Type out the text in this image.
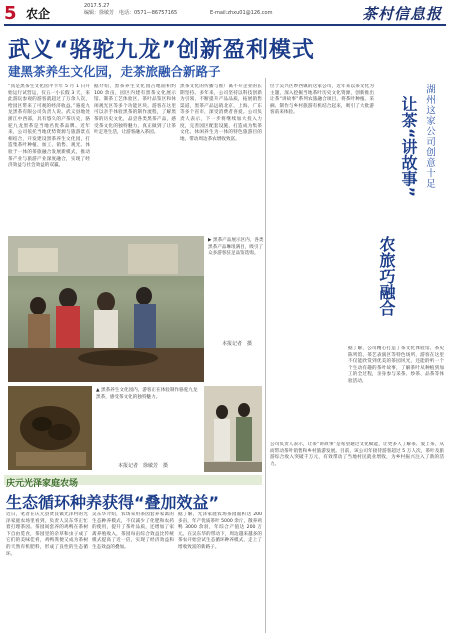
5 农企
2017.5.27
编辑：徐敏芳　电话：0571—86757165	E-mail:zhxu01@126.com	茶村信息报
武义“骆驼九龙”创新盈利模式
建黑茶养生文化园，走茶旅融合新路子
“真是黑茶生文化园平卡年 5 月 1 日开始运行试营运，仅五一小长假 3 天，来此游玩参观的游客就超过了万余人次，给园区带来了可观的经济收益。”骆驼九龙黑茶有限公司负责人说。武义县地处浙江中西部，具有悠久的产茶历史，骆驼九龙黑茶是当地名优茶品牌。近年来，公司依托当地优势资源与旅游景点相结合，开发建设黑茶养生文化园，打造集茶叶种植、加工、销售、观光、体验于一体的茶旅融合发展新模式，推动茶产业与旅游产业深度融合，实现了经济效益与社会效益的双赢。
据介绍，黑茶养生文化园占地面积约 100 余亩，园区内建有黑茶文化展示馆、制茶工艺体验区、茶叶品鉴区和休闲观光区等多个功能区块。游客在这里可以亲手体验黑茶的制作流程，了解黑茶的历史文化，品尝各类黑茶产品，感受茶文化的独特魅力，真正做到了让茶叶走进生活，让游客融入茶园。
黑茶文化的传播与推广离不开企业的长期坚持。多年来，公司坚持以科技创新为引领，不断提升产品品质，拓展销售渠道，黑茶产品远销北京、上海、广东等多个省市，深受消费者喜爱。公司负责人表示，下一步将继续加大投入力度，完善园区配套设施，打造成为集茶文化、休闲养生为一体的特色旅游目的地，带动周边茶农增收致富。
▶ 黑茶产品展示区内，各类黑茶产品琳琅满目，吸引了众多游客驻足品鉴选购。
本报记者　摄
▲ 黑茶养生文化园内，游客正在体验制作骆驼九龙黑茶，感受茶文化的独特魅力。
本报记者　徐敏芳　摄
庆元光泽家庭农场
生态循环种养获得“叠加效益”
近日，笔者在庆元县贤良镇光泽村的光泽家庭农场里看到，负责人吴东华正忙着打理茶园。茶园间套养的鸡鸭在茶树下自由觅食，茶园里的杂草和虫子成了它们的美味佳肴，鸡鸭粪便又成为茶树的天然有机肥料，形成了良性的生态循环。
吴东华介绍，农场采用茶园套养家禽的生态种养模式，不仅减少了化肥和农药的使用，提升了茶叶品质，还增加了家禽养殖收入，茶园每亩综合效益比传统模式提高了近一倍，实现了经济效益和生态效益的叠加。
据了解，光泽家庭农场茶园面积达 200 多亩，年产优质茶叶 5000 余斤，散养鸡鸭 3000 余羽，年综合产值达 200 万元。在吴东华的带动下，周边越来越多的茶农开始尝试生态循环种养模式，走上了增收致富的新路子。
湖州这家公司创意十足
让茶“讲故事”
农旅巧融合
位于吴兴区妙西镇的这家公司，近年来以茶文化为主题，深入挖掘当地茶叶历史文化资源，创新推出让茶“讲故事”系列农旅融合项目，将茶叶种植、采摘、制作与乡村旅游有机结合起来，吸引了大批游客前来体验。
据了解，公司精心打造了茶文化体验馆、茶史陈列馆、茶艺表演区等特色场所，游客在这里不仅能欣赏到优美的茶园风光，还能聆听一个个生动有趣的茶叶故事，了解茶叶从种植到加工的全过程，亲身参与采茶、炒茶、品茶等体验活动。
公司负责人表示，让茶“讲故事”是希望通过文化赋能，让更多人了解茶、爱上茶，从而带动茶叶销售和乡村旅游发展。目前，该公司年接待游客超过 5 万人次，茶叶及旅游综合收入突破千万元，有效带动了当地村民就业增收，为乡村振兴注入了新的活力。
